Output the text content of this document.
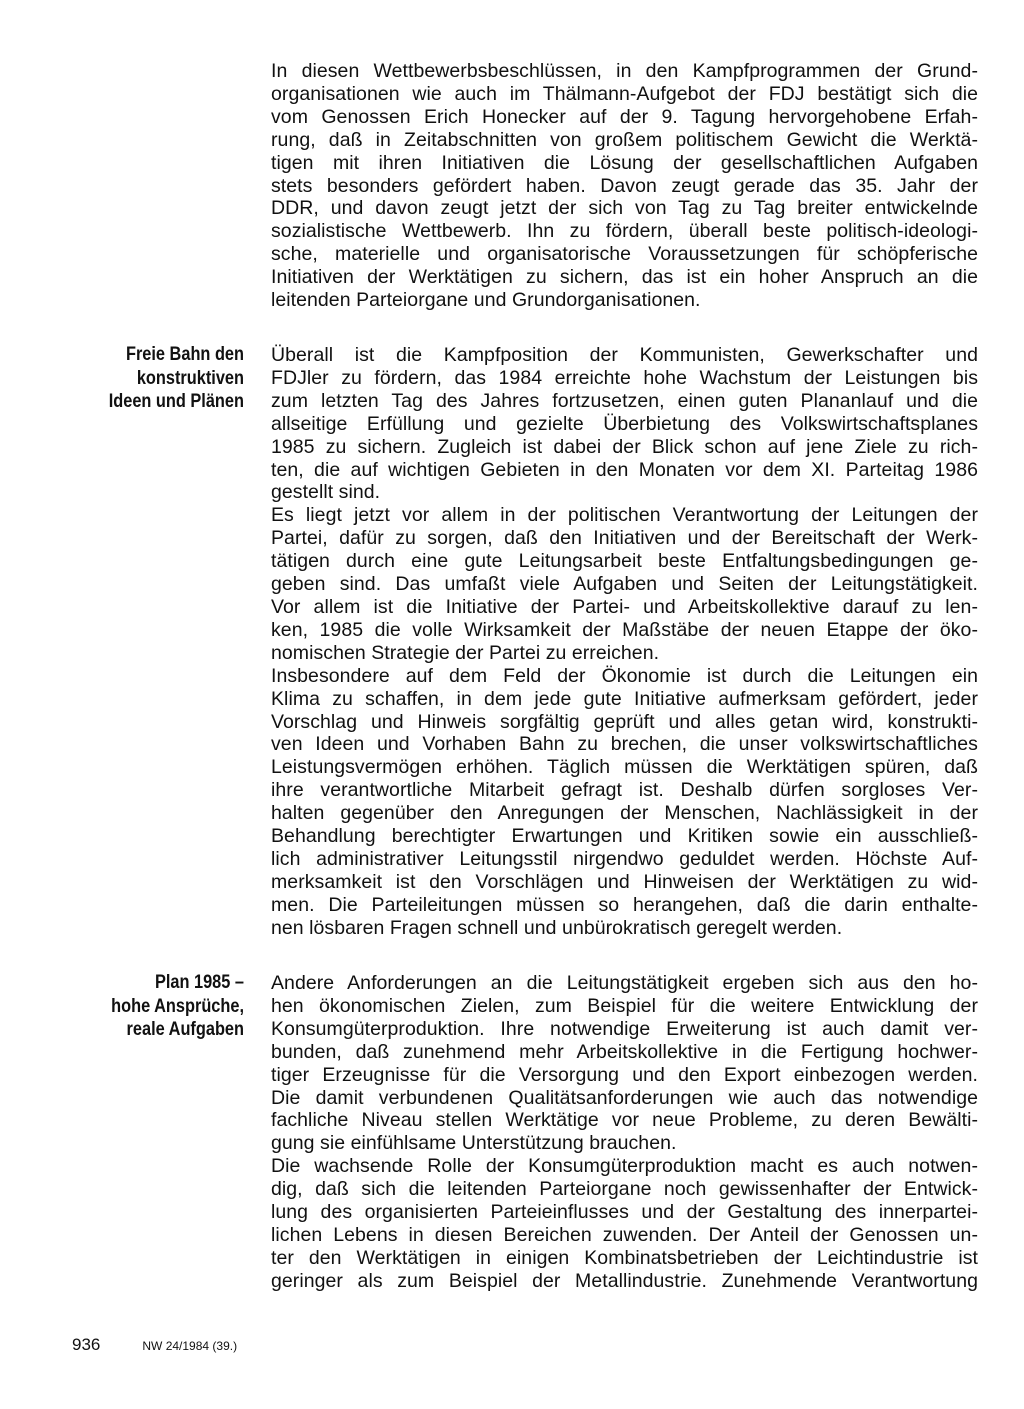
In diesen Wettbewerbsbeschlüssen, in den Kampfprogrammen der Grund-
organisationen wie auch im Thälmann-Aufgebot der FDJ bestätigt sich die
vom Genossen Erich Honecker auf der 9. Tagung hervorgehobene Erfah-
rung, daß in Zeitabschnitten von großem politischem Gewicht die Werktä-
tigen mit ihren Initiativen die Lösung der gesellschaftlichen Aufgaben
stets besonders gefördert haben. Davon zeugt gerade das 35. Jahr der
DDR, und davon zeugt jetzt der sich von Tag zu Tag breiter entwickelnde
sozialistische Wettbewerb. Ihn zu fördern, überall beste politisch-ideologi-
sche, materielle und organisatorische Voraussetzungen für schöpferische
Initiativen der Werktätigen zu sichern, das ist ein hoher Anspruch an die
leitenden Parteiorgane und Grundorganisationen.

Freie Bahn den
konstruktiven
Ideen und Plänen

Überall ist die Kampfposition der Kommunisten, Gewerkschafter und
FDJler zu fördern, das 1984 erreichte hohe Wachstum der Leistungen bis
zum letzten Tag des Jahres fortzusetzen, einen guten Plananlauf und die
allseitige Erfüllung und gezielte Überbietung des Volkswirtschaftsplanes
1985 zu sichern. Zugleich ist dabei der Blick schon auf jene Ziele zu rich-
ten, die auf wichtigen Gebieten in den Monaten vor dem XI. Parteitag 1986
gestellt sind.

Es liegt jetzt vor allem in der politischen Verantwortung der Leitungen der
Partei, dafür zu sorgen, daß den Initiativen und der Bereitschaft der Werk-
tätigen durch eine gute Leitungsarbeit beste Entfaltungsbedingungen ge-
geben sind. Das umfaßt viele Aufgaben und Seiten der Leitungstätigkeit.
Vor allem ist die Initiative der Partei- und Arbeitskollektive darauf zu len-
ken, 1985 die volle Wirksamkeit der Maßstäbe der neuen Etappe der öko-
nomischen Strategie der Partei zu erreichen.

Insbesondere auf dem Feld der Ökonomie ist durch die Leitungen ein
Klima zu schaffen, in dem jede gute Initiative aufmerksam gefördert, jeder
Vorschlag und Hinweis sorgfältig geprüft und alles getan wird, konstrukti-
ven Ideen und Vorhaben Bahn zu brechen, die unser volkswirtschaftliches
Leistungsvermögen erhöhen. Täglich müssen die Werktätigen spüren, daß
ihre verantwortliche Mitarbeit gefragt ist. Deshalb dürfen sorgloses Ver-
halten gegenüber den Anregungen der Menschen, Nachlässigkeit in der
Behandlung berechtigter Erwartungen und Kritiken sowie ein ausschließ-
lich administrativer Leitungsstil nirgendwo geduldet werden. Höchste Auf-
merksamkeit ist den Vorschlägen und Hinweisen der Werktätigen zu wid-
men. Die Parteileitungen müssen so herangehen, daß die darin enthalte-
nen lösbaren Fragen schnell und unbürokratisch geregelt werden.

Plan 1985 –
hohe Ansprüche,
reale Aufgaben

Andere Anforderungen an die Leitungstätigkeit ergeben sich aus den ho-
hen ökonomischen Zielen, zum Beispiel für die weitere Entwicklung der
Konsumgüterproduktion. Ihre notwendige Erweiterung ist auch damit ver-
bunden, daß zunehmend mehr Arbeitskollektive in die Fertigung hochwer-
tiger Erzeugnisse für die Versorgung und den Export einbezogen werden.
Die damit verbundenen Qualitätsanforderungen wie auch das notwendige
fachliche Niveau stellen Werktätige vor neue Probleme, zu deren Bewälti-
gung sie einfühlsame Unterstützung brauchen.

Die wachsende Rolle der Konsumgüterproduktion macht es auch notwen-
dig, daß sich die leitenden Parteiorgane noch gewissenhafter der Entwick-
lung des organisierten Parteieinflusses und der Gestaltung des innerpartei-
lichen Lebens in diesen Bereichen zuwenden. Der Anteil der Genossen un-
ter den Werktätigen in einigen Kombinatsbetrieben der Leichtindustrie ist
geringer als zum Beispiel der Metallindustrie. Zunehmende Verantwortung

936	NW 24/1984 (39.)
